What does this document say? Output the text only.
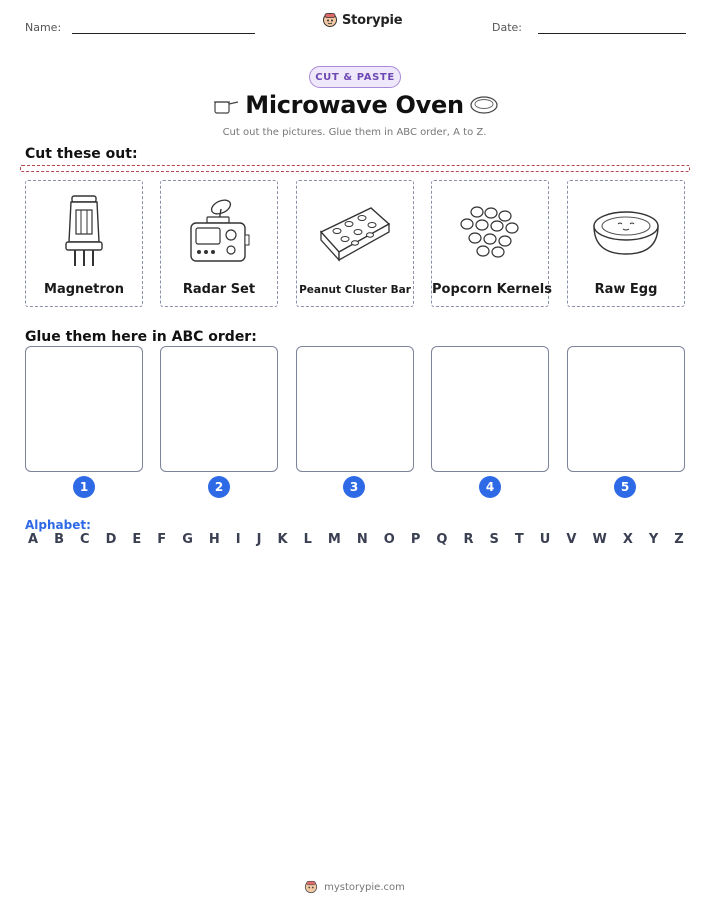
Name:	Storypie	Date:
CUT & PASTE
Microwave Oven
Cut out the pictures. Glue them in ABC order, A to Z.
Cut these out:
Magnetron	Radar Set	Peanut Cluster Bar Popcorn Kernels	Raw Egg
Glue them here in ABC order:
1	2	3	4	5
Alphabet:
A B C D E F G H I J K L M N O P Q R S T U V W X Y Z
mystorypie.com
